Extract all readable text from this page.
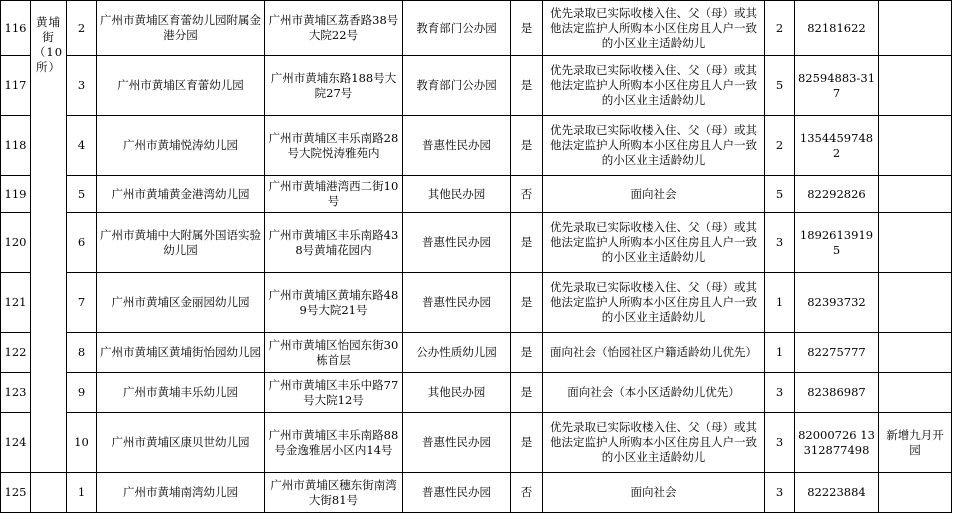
116	黄埔街（10所）	2	广州市黄埔区育蕾幼儿园附属金港分园	广州市黄埔区荔香路38号大院22号	教育部门公办园	是	优先录取已实际收楼入住、父（母）或其他法定监护人所购本小区住房且人户一致的小区业主适龄幼儿	2	82181622	
117		3	广州市黄埔区育蕾幼儿园	广州市黄埔东路188号大院27号	教育部门公办园	是	优先录取已实际收楼入住、父（母）或其他法定监护人所购本小区住房且人户一致的小区业主适龄幼儿	5	82594883-317	
118		4	广州市黄埔悦涛幼儿园	广州市黄埔区丰乐南路28号大院悦涛雅苑内	普惠性民办园	是	优先录取已实际收楼入住、父（母）或其他法定监护人所购本小区住房且人户一致的小区业主适龄幼儿	2	13544597482	
119		5	广州市黄埔黄金港湾幼儿园	广州市黄埔港湾西二街10号	其他民办园	否	面向社会	5	82292826	
120		6	广州市黄埔中大附属外国语实验幼儿园	广州市黄埔区丰乐南路438号黄埔花园内	普惠性民办园	是	优先录取已实际收楼入住、父（母）或其他法定监护人所购本小区住房且人户一致的小区业主适龄幼儿	3	18926139195	
121		7	广州市黄埔区金丽园幼儿园	广州市黄埔区黄埔东路489号大院21号	普惠性民办园	是	优先录取已实际收楼入住、父（母）或其他法定监护人所购本小区住房且人户一致的小区业主适龄幼儿	1	82393732	
122		8	广州市黄埔区黄埔街怡园幼儿园	广州市黄埔区怡园东街30栋首层	公办性质幼儿园	是	面向社会（怡园社区户籍适龄幼儿优先）	1	82275777	
123		9	广州市黄埔丰乐幼儿园	广州市黄埔区丰乐中路77号大院12号	其他民办园	是	面向社会（本小区适龄幼儿优先）	3	82386987	
124		10	广州市黄埔区康贝世幼儿园	广州市黄埔区丰乐南路88号金逸雅居小区内14号	普惠性民办园	是	优先录取已实际收楼入住、父（母）或其他法定监护人所购本小区住房且人户一致的小区业主适龄幼儿	3	82000726 13312877498	新增九月开园
125		1	广州市黄埔南湾幼儿园	广州市黄埔区穗东街南湾大街81号	普惠性民办园	否	面向社会	3	82223884	
